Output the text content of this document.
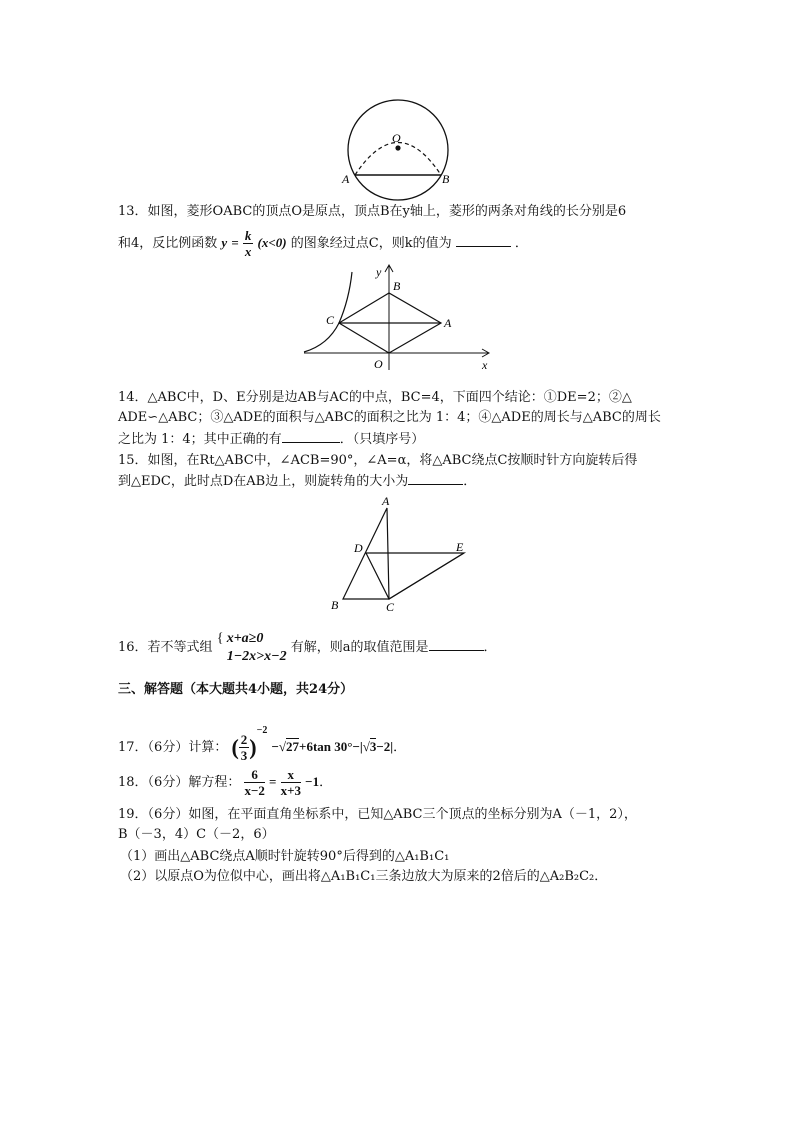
O
A	B
13．如图，菱形OABC的顶点O是原点，顶点B在y轴上，菱形的两条对角线的长分别是6
和4，反比例函数 $y = \frac{k}{x} (x<0)$ 的图象经过点C，则k的值为	．
y
x
B
C	A
O
14．△ABC中，D、E分别是边AB与AC的中点，BC=4，下面四个结论：①DE=2；②△
ADE∽△ABC；③△ADE的面积与△ABC的面积之比为 1：4；④△ADE的周长与△ABC的周长
之比为 1：4；其中正确的有	．（只填序号）
15．如图，在Rt△ABC中，∠ACB=90°，∠A=α，将△ABC绕点C按顺时针方向旋转后得
到△EDC，此时点D在AB边上，则旋转角的大小为	．
A
D	E
B	C
16．若不等式组
{ x+a≥0
1−2x>x−2
有解，则a的取值范围是	．
三、解答题（本大题共4小题，共24分）
17．（6分）计算： ( $\frac{2}{3} )^{-2} -√27+6\tan$ 30°−|√3−2|．
18．（6分）解方程： $\frac{6}{x-2} = \frac{x}{x+3} -1$．
19．（6分）如图，在平面直角坐标系中，已知△ABC三个顶点的坐标分别为A（－1，2），
B（－3，4）C（－2，6）
（1）画出△ABC绕点A顺时针旋转90°后得到的△A₁B₁C₁
（2）以原点O为位似中心，画出将△A₁B₁C₁三条边放大为原来的2倍后的△A₂B₂C₂．
